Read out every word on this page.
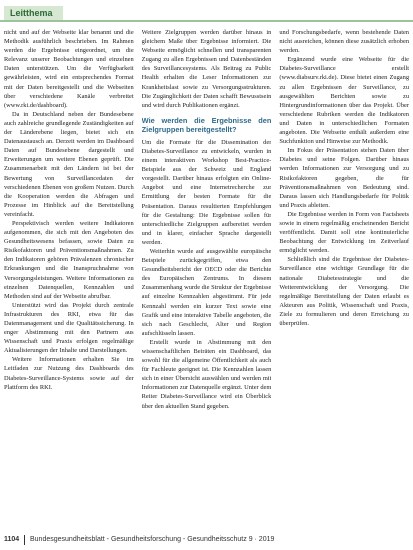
Leitthema

nicht und auf der Webseite klar benannt und die Methodik ausführlich beschrieben. Im Rahmen werden die Ergebnisse eingeordnet, um die Relevanz unserer Beobachtungen und einzelnen Daten unterstützen. Um die Verfügbarkeit gewährleisten, wird ein entsprechendes Format mit der Daten bereitgestellt und die Webseiten über verschiedene Kanäle verbreitet (www.rki.de/dashboard).

Da in Deutschland neben der Bundesebene auch zahlreiche grundlegende Zuständigkeiten auf der Länderebene liegen, bietet sich ein Datenaustausch an. Derzeit werden im Dashboard Daten auf Bundesebene dargestellt und Erweiterungen um weitere Ebenen geprüft. Die Zusammenarbeit mit den Ländern ist bei der Bewertung von Surveillancedaten der verschiedenen Ebenen von großem Nutzen. Durch die Kooperation werden die Abfragen und Prozesse im Hinblick auf die Bereitstellung vereinfacht.

Perspektivisch werden weitere Indikatoren aufgenommen, die sich mit den Angeboten des Gesundheitswesens befassen, sowie Daten zu Risikofaktoren und Präventionsmaßnahmen. Zu den Indikatoren gehören Prävalenzen chronischer Erkrankungen und die Inanspruchnahme von Versorgungsleistungen. Weitere Informationen zu einzelnen Datenquellen, Kennzahlen und Methoden sind auf der Webseite abrufbar.

Unterstützt wird das Projekt durch zentrale Infrastrukturen des RKI, etwa für das Datenmanagement und die Qualitätssicherung. In enger Abstimmung mit den Partnern aus Wissenschaft und Praxis erfolgen regelmäßige Aktualisierungen der Inhalte und Darstellungen.

Weitere Informationen erhalten Sie im Leitfaden zur Nutzung des Dashboards des Diabetes-Surveillance-Systems sowie auf der Plattform des RKI.

Weitere Zielgruppen werden darüber hinaus in gleichem Maße über Ergebnisse informiert. Die Webseite ermöglicht schnellen und transparenten Zugang zu allen Ergebnissen und Datenbeständen des Surveillancesystems. Als Beitrag zu Public Health erhalten die Leser Informationen zur Krankheitslast sowie zu Versorgungsstrukturen. Die Zugänglichkeit der Daten schafft Bewusstsein und wird durch Publikationen ergänzt.

Wie werden die Ergebnisse den Zielgruppen bereitgestellt?

Um die Formate für die Dissemination der Diabetes-Surveillance zu entwickeln, wurden in einem interaktiven Workshop Best-Practice-Beispiele aus der Schweiz und England vorgestellt. Darüber hinaus erfolgten ein Online-Angebot und eine Internetrecherche zur Ermittlung der besten Formate für die Präsentation. Daraus resultierten Empfehlungen für die Gestaltung: Die Ergebnisse sollen für unterschiedliche Zielgruppen aufbereitet werden und in klarer, einfacher Sprache dargestellt werden.

Weiterhin wurde auf ausgewählte europäische Beispiele zurückgegriffen, etwa den Gesundheitsbericht der OECD oder die Berichte des Europäischen Zentrums. In diesem Zusammenhang wurde die Struktur der Ergebnisse auf einzelne Kennzahlen abgestimmt. Für jede Kennzahl werden ein kurzer Text sowie eine Grafik und eine interaktive Tabelle angeboten, die sich nach Geschlecht, Alter und Region aufschlüsseln lassen.

Erstellt wurde in Abstimmung mit den wissenschaftlichen Beiräten ein Dashboard, das sowohl für die allgemeine Öffentlichkeit als auch für Fachleute geeignet ist. Die Kennzahlen lassen sich in einer Übersicht auswählen und werden mit Informationen zur Datenquelle ergänzt. Unter dem Reiter Diabetes-Surveillance wird ein Überblick über den aktuellen Stand gegeben.

und Forschungsbedarfe, wenn bestehende Daten nicht ausreichen, können diese zusätzlich erhoben werden.

Ergänzend wurde eine Webseite für die Diabetes-Surveillance erstellt (www.diabsurv.rki.de). Diese bietet einen Zugang zu allen Ergebnissen der Surveillance, zu ausgewählten Berichten sowie zu Hintergrundinformationen über das Projekt. Über verschiedene Rubriken werden die Indikatoren und Daten in unterschiedlichen Formaten angeboten. Die Webseite enthält außerdem eine Suchfunktion und Hinweise zur Methodik.

Im Fokus der Präsentation stehen Daten über Diabetes und seine Folgen. Darüber hinaus werden Informationen zur Versorgung und zu Risikofaktoren gegeben, die für Präventionsmaßnahmen von Bedeutung sind. Daraus lassen sich Handlungsbedarfe für Politik und Praxis ableiten.

Die Ergebnisse werden in Form von Factsheets sowie in einem regelmäßig erscheinenden Bericht veröffentlicht. Damit soll eine kontinuierliche Beobachtung der Entwicklung im Zeitverlauf ermöglicht werden.

Schließlich sind die Ergebnisse der Diabetes-Surveillance eine wichtige Grundlage für die nationale Diabetesstrategie und die Weiterentwicklung der Versorgung. Die regelmäßige Bereitstellung der Daten erlaubt es Akteuren aus Politik, Wissenschaft und Praxis, Ziele zu formulieren und deren Erreichung zu überprüfen.

1104 Bundesgesundheitsblatt - Gesundheitsforschung - Gesundheitsschutz 9 · 2019
